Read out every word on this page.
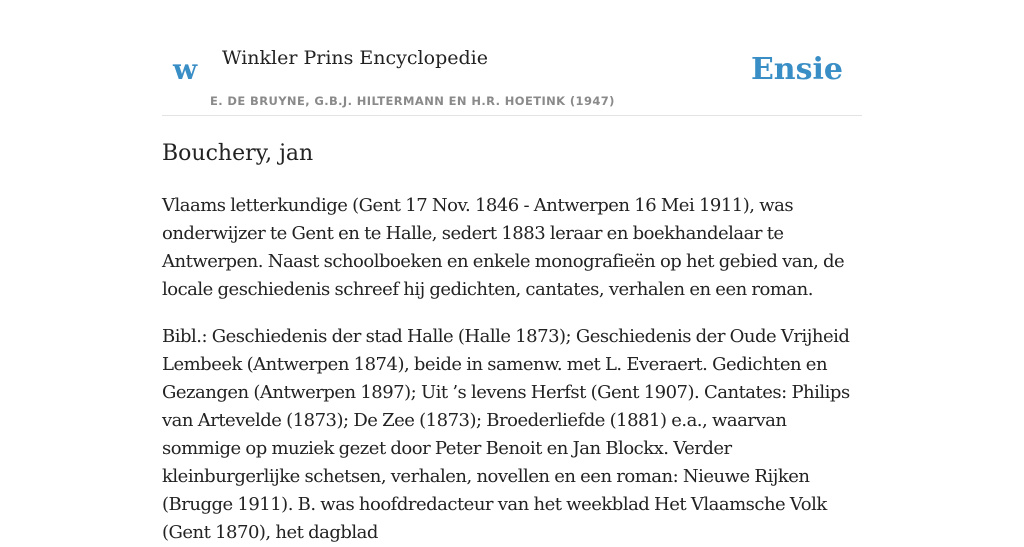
w Winkler Prins Encyclopedie
E. DE BRUYNE, G.B.J. HILTERMANN EN H.R. HOETINK (1947)
Ensie
Bouchery, jan

Vlaams letterkundige (Gent 17 Nov. 1846 - Antwerpen 16 Mei 1911), was onderwijzer te Gent en te Halle, sedert 1883 leraar en boekhandelaar te Antwerpen. Naast schoolboeken en enkele monografieën op het gebied van, de locale geschiedenis schreef hij gedichten, cantates, verhalen en een roman.

Bibl.: Geschiedenis der stad Halle (Halle 1873); Geschiedenis der Oude Vrijheid Lembeek (Antwerpen 1874), beide in samenw. met L. Everaert. Gedichten en Gezangen (Antwerpen 1897); Uit ’s levens Herfst (Gent 1907). Cantates: Philips van Artevelde (1873); De Zee (1873); Broederliefde (1881) e.a., waarvan sommige op muziek gezet door Peter Benoit en Jan Blockx. Verder kleinburgerlijke schetsen, verhalen, novellen en een roman: Nieuwe Rijken (Brugge 1911). B. was hoofdredacteur van het weekblad Het Vlaamsche Volk (Gent 1870), het dagblad
